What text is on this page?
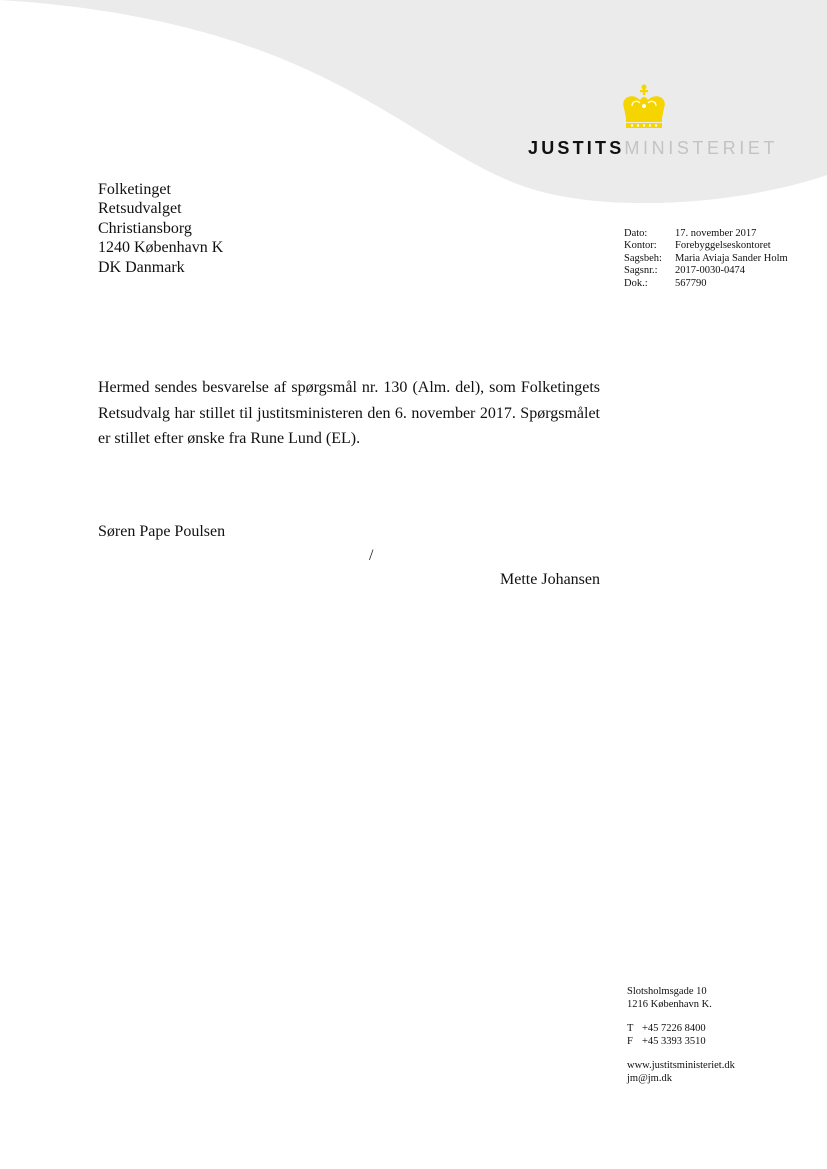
JUSTITSMINISTERIET
Folketinget
Retsudvalget
Christiansborg
1240 København K
DK Danmark
Dato:	17. november 2017
Kontor:	Forebyggelseskontoret
Sagsbeh:	Maria Aviaja Sander Holm
Sagsnr.:	2017-0030-0474
Dok.:	567790

Hermed sendes besvarelse af spørgsmål nr. 130 (Alm. del), som Folketingets Retsudvalg har stillet til justitsministeren den 6. november 2017. Spørgsmålet er stillet efter ønske fra Rune Lund (EL).

Søren Pape Poulsen
/
Mette Johansen
Slotsholmsgade 10
1216 København K.
T +45 7226 8400
F +45 3393 3510
www.justitsministeriet.dk
jm@jm.dk
